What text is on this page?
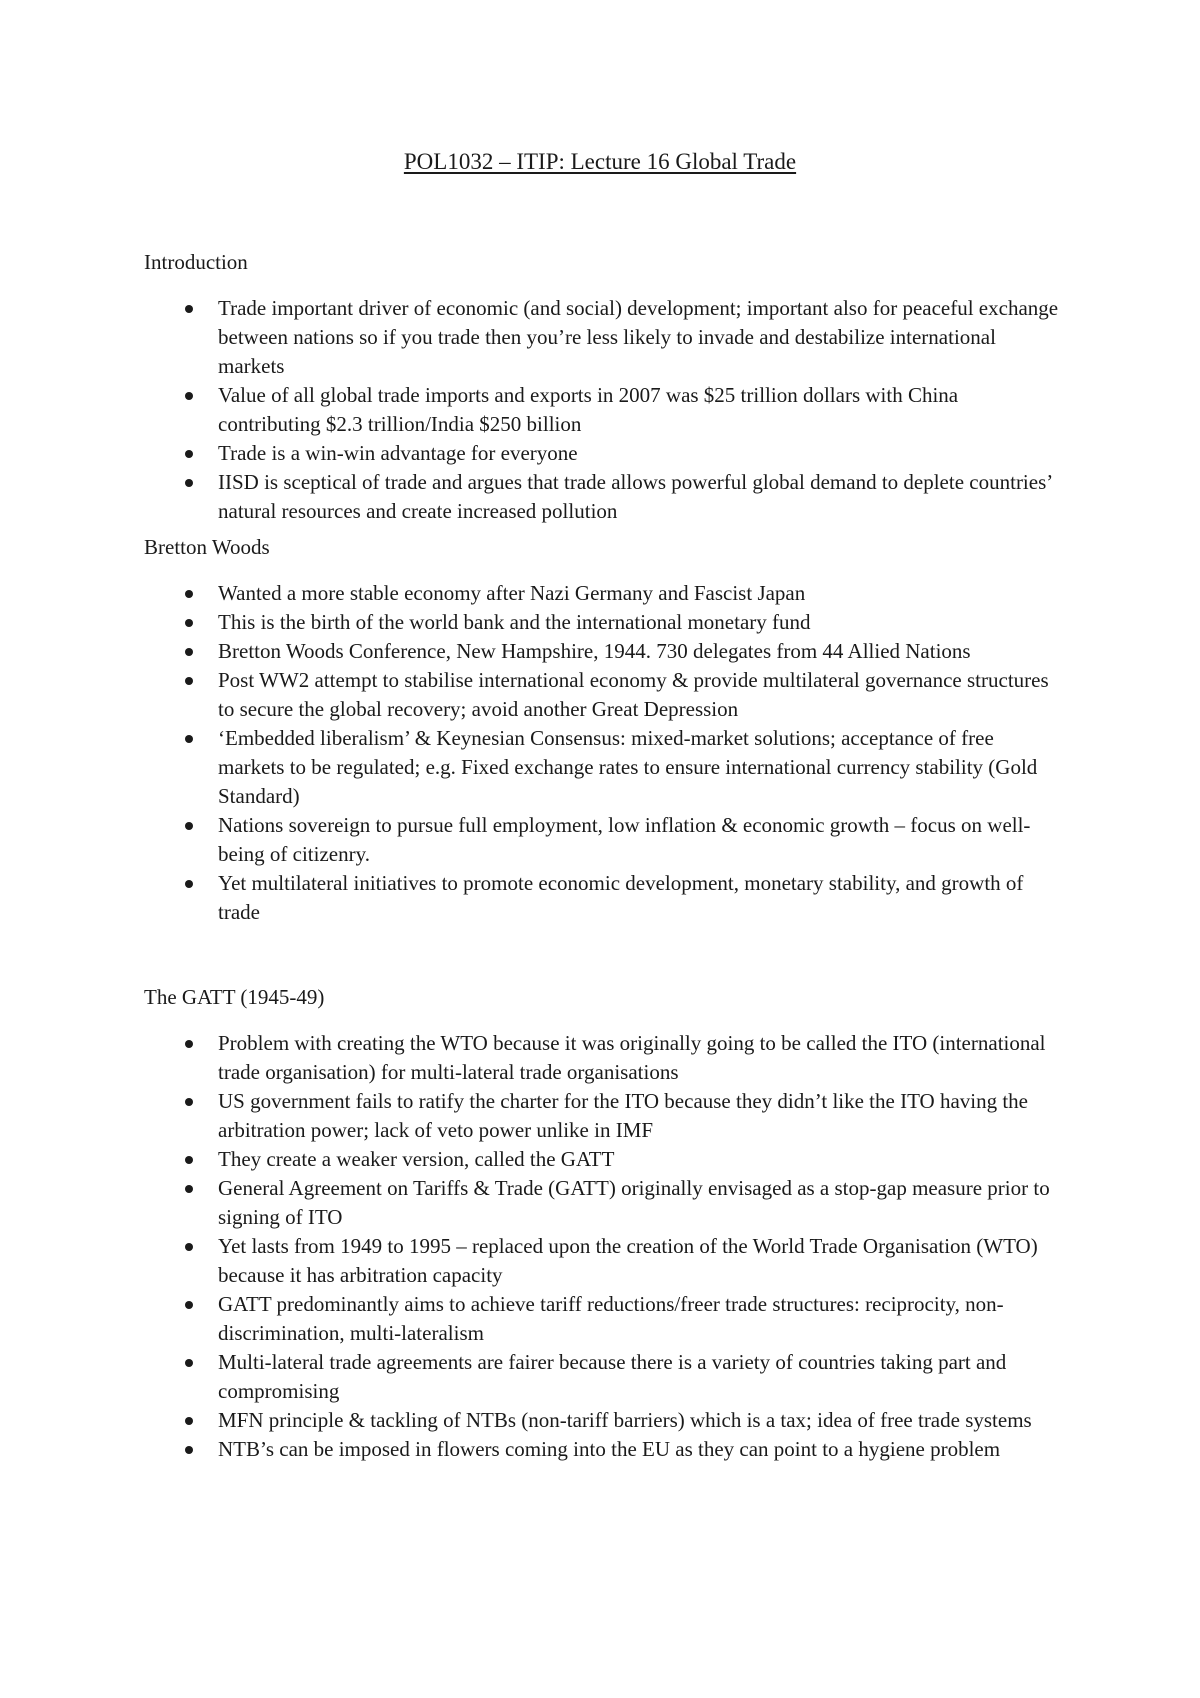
POL1032 – ITIP: Lecture 16 Global Trade
Introduction
Trade important driver of economic (and social) development; important also for peaceful exchange between nations so if you trade then you’re less likely to invade and destabilize international markets
Value of all global trade imports and exports in 2007 was $25 trillion dollars with China contributing $2.3 trillion/India $250 billion
Trade is a win-win advantage for everyone
IISD is sceptical of trade and argues that trade allows powerful global demand to deplete countries’ natural resources and create increased pollution
Bretton Woods
Wanted a more stable economy after Nazi Germany and Fascist Japan
This is the birth of the world bank and the international monetary fund
Bretton Woods Conference, New Hampshire, 1944. 730 delegates from 44 Allied Nations
Post WW2 attempt to stabilise international economy & provide multilateral governance structures to secure the global recovery; avoid another Great Depression
‘Embedded liberalism’ & Keynesian Consensus: mixed-market solutions; acceptance of free markets to be regulated; e.g. Fixed exchange rates to ensure international currency stability (Gold Standard)
Nations sovereign to pursue full employment, low inflation & economic growth – focus on well-being of citizenry.
Yet multilateral initiatives to promote economic development, monetary stability, and growth of trade
The GATT (1945-49)
Problem with creating the WTO because it was originally going to be called the ITO (international trade organisation) for multi-lateral trade organisations
US government fails to ratify the charter for the ITO because they didn’t like the ITO having the arbitration power; lack of veto power unlike in IMF
They create a weaker version, called the GATT
General Agreement on Tariffs & Trade (GATT) originally envisaged as a stop-gap measure prior to signing of ITO
Yet lasts from 1949 to 1995 – replaced upon the creation of the World Trade Organisation (WTO) because it has arbitration capacity
GATT predominantly aims to achieve tariff reductions/freer trade structures: reciprocity, non-discrimination, multi-lateralism
Multi-lateral trade agreements are fairer because there is a variety of countries taking part and compromising
MFN principle & tackling of NTBs (non-tariff barriers) which is a tax; idea of free trade systems
NTB’s can be imposed in flowers coming into the EU as they can point to a hygiene problem
